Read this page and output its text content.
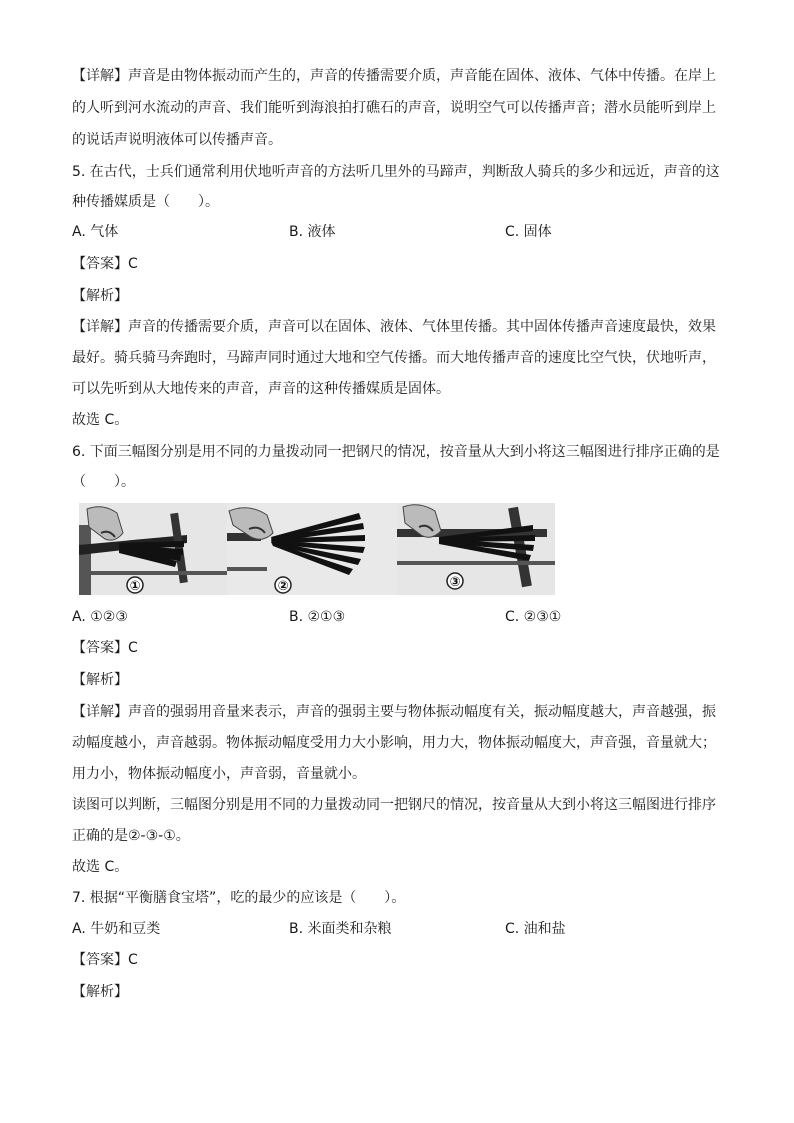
【详解】声音是由物体振动而产生的，声音的传播需要介质，声音能在固体、液体、气体中传播。在岸上
的人听到河水流动的声音、我们能听到海浪拍打礁石的声音，说明空气可以传播声音；潜水员能听到岸上
的说话声说明液体可以传播声音。
5. 在古代，士兵们通常利用伏地听声音的方法听几里外的马蹄声，判断敌人骑兵的多少和远近，声音的这
种传播媒质是（　　）。
A. 气体	B. 液体	C. 固体
【答案】C
【解析】
【详解】声音的传播需要介质，声音可以在固体、液体、气体里传播。其中固体传播声音速度最快，效果
最好。骑兵骑马奔跑时，马蹄声同时通过大地和空气传播。而大地传播声音的速度比空气快，伏地听声，
可以先听到从大地传来的声音，声音的这种传播媒质是固体。
故选 C。
6. 下面三幅图分别是用不同的力量拨动同一把钢尺的情况，按音量从大到小将这三幅图进行排序正确的是
（　　）。
①	②	③
A. ①②③	B. ②①③	C. ②③①
【答案】C
【解析】
【详解】声音的强弱用音量来表示，声音的强弱主要与物体振动幅度有关，振动幅度越大，声音越强，振
动幅度越小，声音越弱。物体振动幅度受用力大小影响，用力大，物体振动幅度大，声音强，音量就大；
用力小，物体振动幅度小，声音弱，音量就小。
读图可以判断，三幅图分别是用不同的力量拨动同一把钢尺的情况，按音量从大到小将这三幅图进行排序
正确的是②-③-①。
故选 C。
7. 根据“平衡膳食宝塔”，吃的最少的应该是（　　）。
A. 牛奶和豆类	B. 米面类和杂粮	C. 油和盐
【答案】C
【解析】
